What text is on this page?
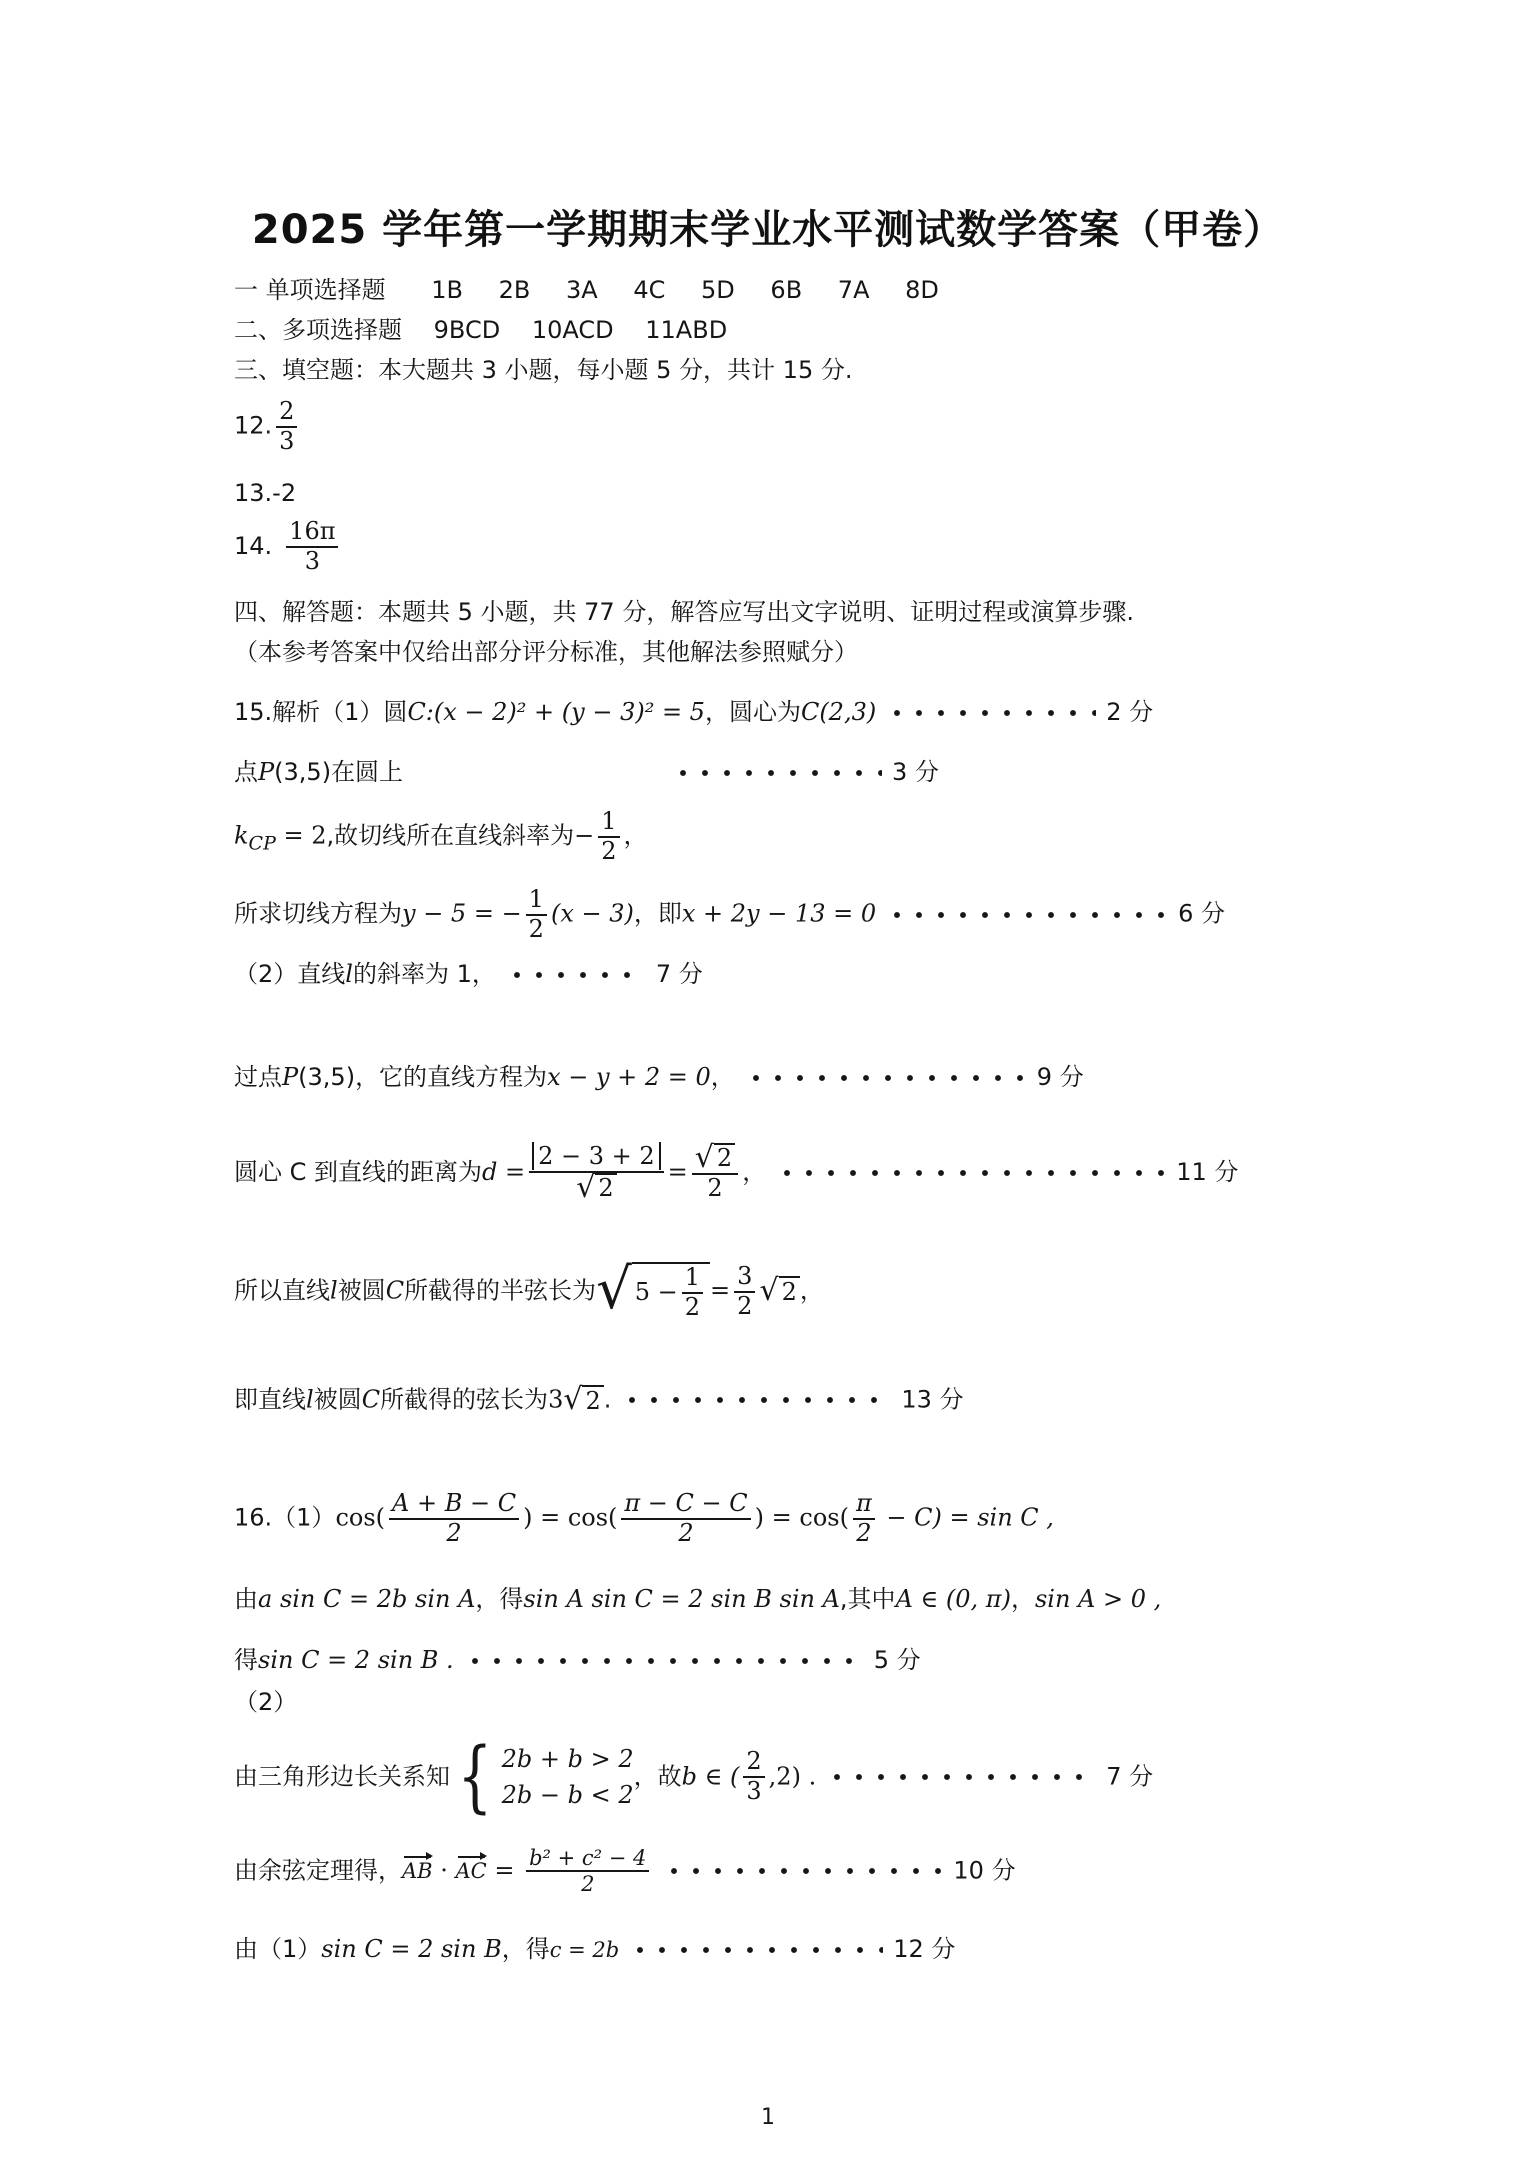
2025 学年第一学期期末学业水平测试数学答案（甲卷）
一 单项选择题 1B 2B 3A 4C 5D 6B 7A 8D
二、多项选择题 9BCD 10ACD 11ABD
三、填空题：本大题共 3 小题，每小题 5 分，共计 15 分.
12. $\frac{2}{3}$
13.-2
14. $\frac{16\pi}{3}$
四、解答题：本题共 5 小题，共 77 分，解答应写出文字说明、证明过程或演算步骤.
（本参考答案中仅给出部分评分标准，其他解法参照赋分）
15.解析（1）圆C:(x − 2)² + (y − 3)² = 5，圆心为C(2,3)	2 分
点P(3,5)在圆上	3 分
$k_{CP} = 2$,故切线所在直线斜率为− $\frac{1}{2}$ ，
所求切线方程为y − 5 = − $\frac{1}{2} (x - 3)$，即x + 2y − 13 = 0	6 分
（2）直线l的斜率为 1，	7 分
过点P(3,5)，它的直线方程为x − y + 2 = 0，	9 分
圆心 C 到直线的距离为$d = \frac{2 - 3 + 2}{√ 2} = \frac{√ 2}{2}$ ，	11 分
所以直线l被圆C所截得的半弦长为 √ $5 - \frac{1}{2} = \frac{3}{2}$ √ 2 ，
即直线l被圆C所截得的弦长为3 √ 2 .	13 分
$16.(1)\cos( \frac{A + B - C}{2}$ ) = $\cos( \frac{\pi - C - C}{2}$ ) = $\cos( \frac{\pi}{2} - C) = \sin C$ ,
由a sin C = 2b sin A，得sin A sin C = 2 sin B sin A,其中A ∈ (0, π)，sin A > 0 ,
得sin C = 2 sin B .	5 分
（2）
由三角形边长关系知 { 2b + b > 2
2b − b < 2
，故b ∈ ( $\frac{2}{3} ,2$) .	7 分
由余弦定理得，AB · AC = $\frac{\text{b² + c² − 4}}{2}$	10 分
由（1）sin C = 2 sin B，得c = 2b	12 分
1
